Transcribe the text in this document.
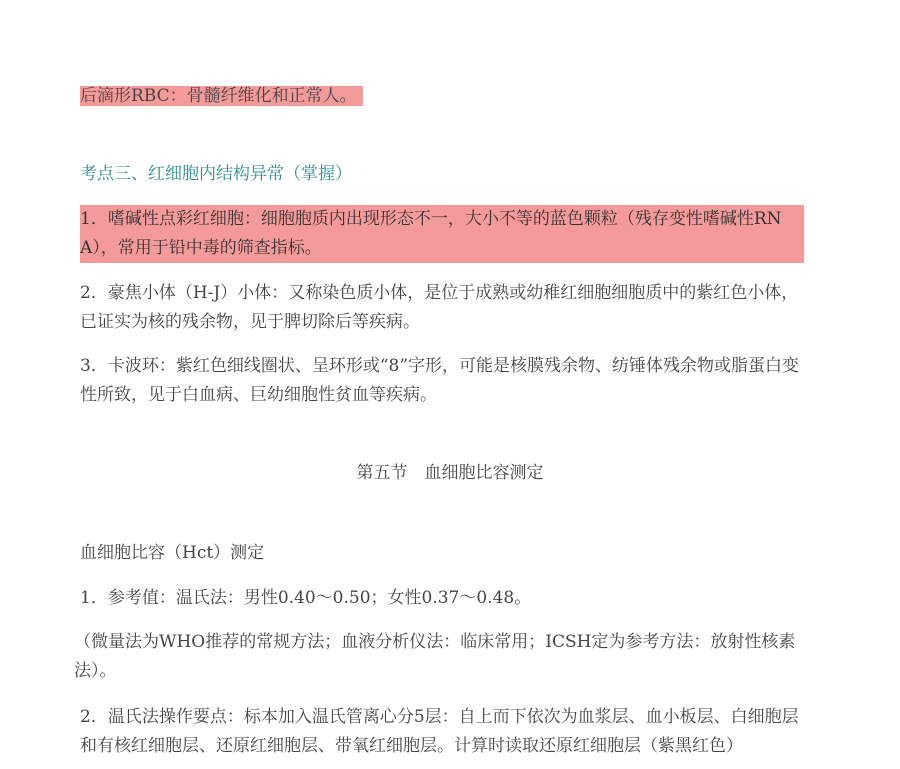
后滴形RBC：骨髓纤维化和正常人。

考点三、红细胞内结构异常（掌握）

1．嗜碱性点彩红细胞：细胞胞质内出现形态不一，大小不等的蓝色颗粒（残存变性嗜碱性RNA），常用于铅中毒的筛查指标。

2．豪焦小体（H-J）小体：又称染色质小体，是位于成熟或幼稚红细胞细胞质中的紫红色小体，已证实为核的残余物，见于脾切除后等疾病。

3．卡波环：紫红色细线圈状、呈环形或“8”字形，可能是核膜残余物、纺锤体残余物或脂蛋白变性所致，见于白血病、巨幼细胞性贫血等疾病。

第五节　血细胞比容测定

血细胞比容（Hct）测定

1．参考值：温氏法：男性0.40～0.50；女性0.37～0.48。

（微量法为WHO推荐的常规方法；血液分析仪法：临床常用；ICSH定为参考方法：放射性核素法）。

2．温氏法操作要点：标本加入温氏管离心分5层：自上而下依次为血浆层、血小板层、白细胞层和有核红细胞层、还原红细胞层、带氧红细胞层。计算时读取还原红细胞层（紫黑红色）
